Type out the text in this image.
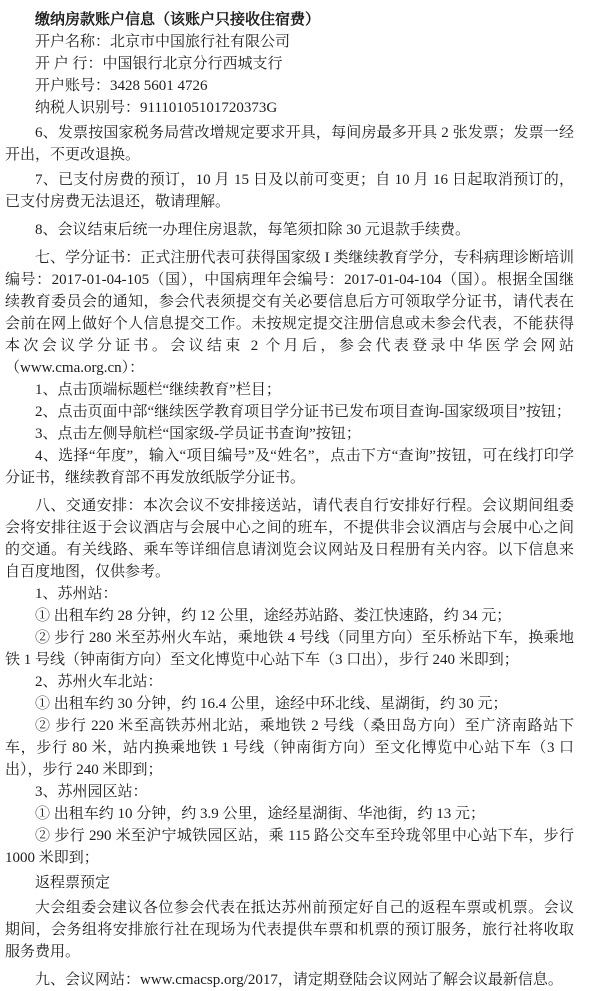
缴纳房款账户信息（该账户只接收住宿费）

开户名称：北京市中国旅行社有限公司

开 户 行：中国银行北京分行西城支行

开户账号：3428 5601 4726

纳税人识别号：91110105101720373G

6、发票按国家税务局营改增规定要求开具，每间房最多开具 2 张发票；发票一经开出，不更改退换。

7、已支付房费的预订，10 月 15 日及以前可变更；自 10 月 16 日起取消预订的，已支付房费无法退还，敬请理解。

8、会议结束后统一办理住房退款，每笔须扣除 30 元退款手续费。

七、学分证书：正式注册代表可获得国家级 I 类继续教育学分，专科病理诊断培训编号：2017-01-04-105（国），中国病理年会编号：2017-01-04-104（国）。根据全国继续教育委员会的通知，参会代表须提交有关必要信息后方可领取学分证书，请代表在会前在网上做好个人信息提交工作。未按规定提交注册信息或未参会代表，不能获得本次会议学分证书。会议结束 2 个月后，参会代表登录中华医学会网站（www.cma.org.cn）：

1、点击顶端标题栏“继续教育”栏目；

2、点击页面中部“继续医学教育项目学分证书已发布项目查询-国家级项目”按钮；

3、点击左侧导航栏“国家级-学员证书查询”按钮；

4、选择“年度”，输入“项目编号”及“姓名”，点击下方“查询”按钮，可在线打印学分证书，继续教育部不再发放纸版学分证书。

八、交通安排：本次会议不安排接送站，请代表自行安排好行程。会议期间组委会将安排往返于会议酒店与会展中心之间的班车，不提供非会议酒店与会展中心之间的交通。有关线路、乘车等详细信息请浏览会议网站及日程册有关内容。以下信息来自百度地图，仅供参考。

1、苏州站：

① 出租车约 28 分钟，约 12 公里，途经苏站路、娄江快速路，约 34 元；

② 步行 280 米至苏州火车站，乘地铁 4 号线（同里方向）至乐桥站下车，换乘地铁 1 号线（钟南街方向）至文化博览中心站下车（3 口出），步行 240 米即到；

2、苏州火车北站：

① 出租车约 30 分钟，约 16.4 公里，途经中环北线、星湖街，约 30 元；

② 步行 220 米至高铁苏州北站，乘地铁 2 号线（桑田岛方向）至广济南路站下车，步行 80 米，站内换乘地铁 1 号线（钟南街方向）至文化博览中心站下车（3 口出），步行 240 米即到；

3、苏州园区站：

① 出租车约 10 分钟，约 3.9 公里，途经星湖街、华池街，约 13 元；

② 步行 290 米至沪宁城铁园区站，乘 115 路公交车至玲珑邻里中心站下车，步行 1000 米即到；

返程票预定

大会组委会建议各位参会代表在抵达苏州前预定好自己的返程车票或机票。会议期间，会务组将安排旅行社在现场为代表提供车票和机票的预订服务，旅行社将收取服务费用。

九、会议网站：www.cmacsp.org/2017，请定期登陆会议网站了解会议最新信息。
